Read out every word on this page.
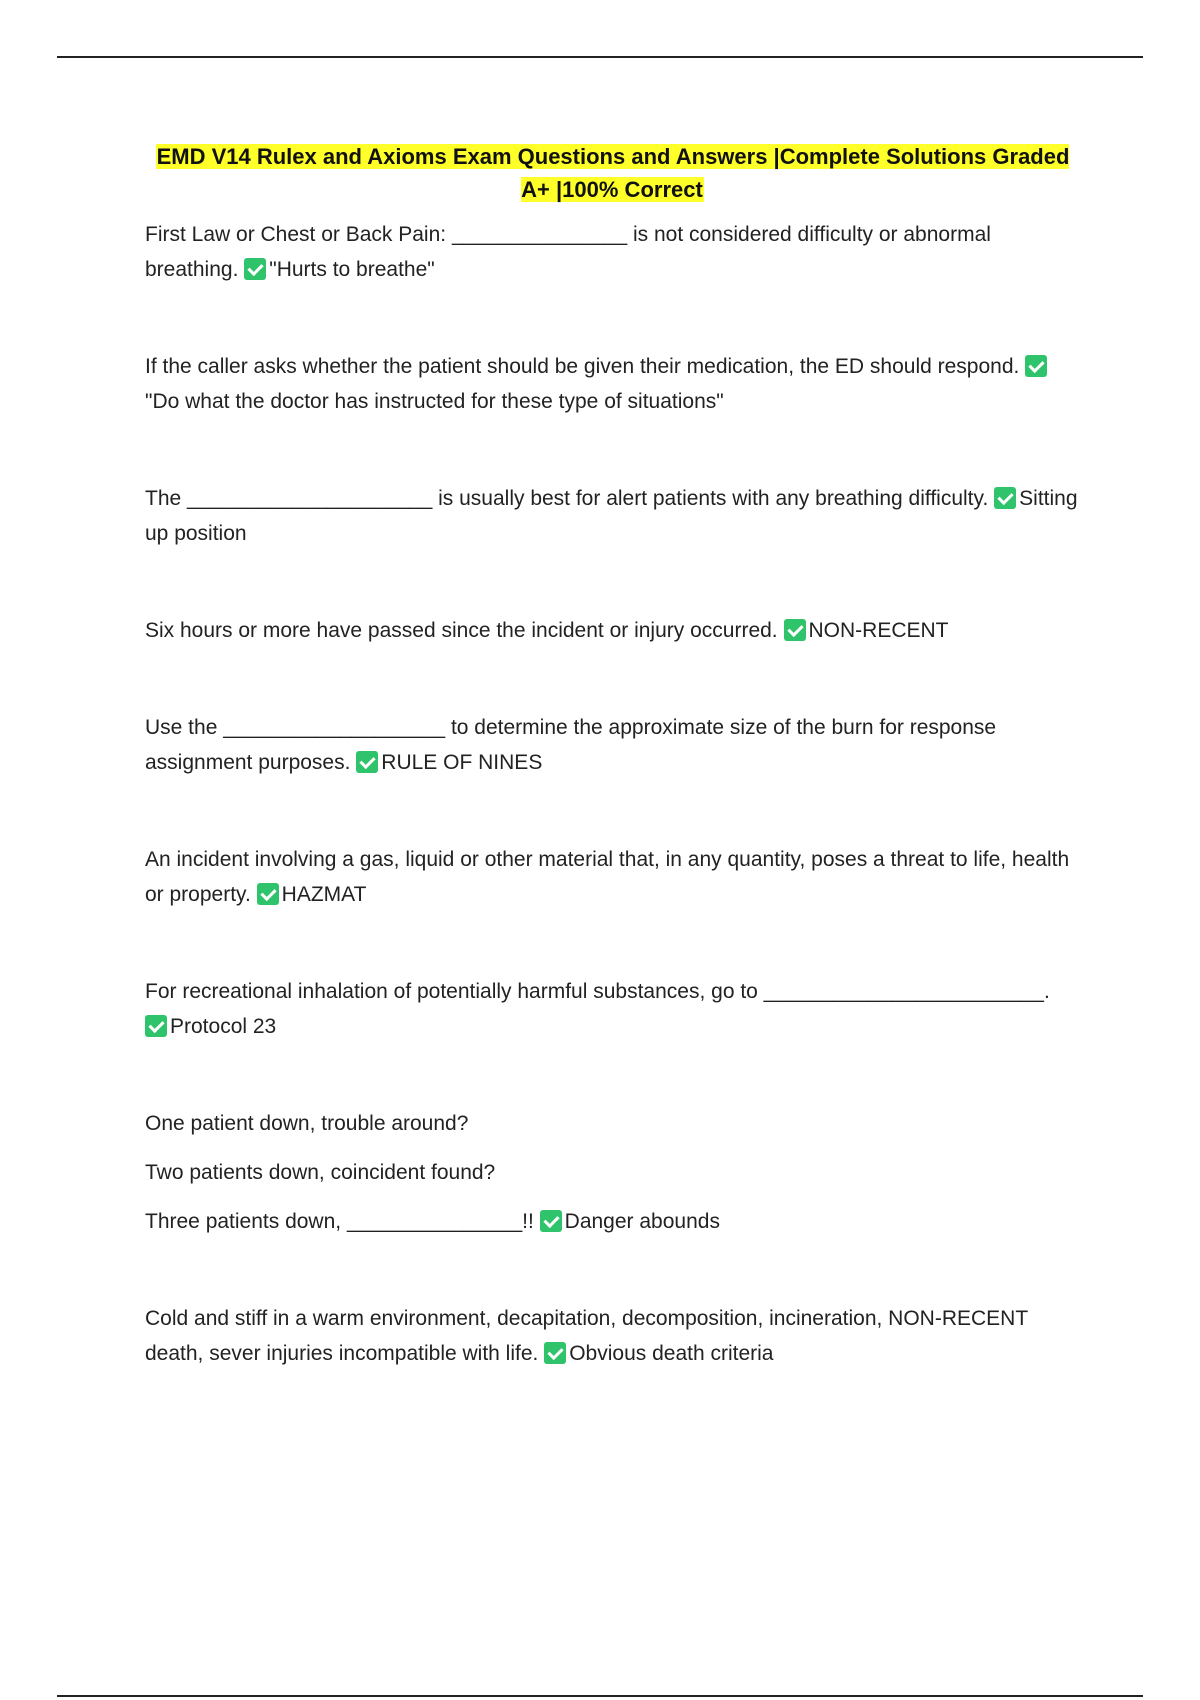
EMD V14 Rulex and Axioms Exam Questions and Answers |Complete Solutions Graded A+ |100% Correct

First Law or Chest or Back Pain: _______________ is not considered difficulty or abnormal breathing. "Hurts to breathe"

If the caller asks whether the patient should be given their medication, the ED should respond. "Do what the doctor has instructed for these type of situations"

The _____________________ is usually best for alert patients with any breathing difficulty. Sitting up position

Six hours or more have passed since the incident or injury occurred. NON-RECENT

Use the ___________________ to determine the approximate size of the burn for response assignment purposes. RULE OF NINES

An incident involving a gas, liquid or other material that, in any quantity, poses a threat to life, health or property. HAZMAT

For recreational inhalation of potentially harmful substances, go to ________________________. Protocol 23

One patient down, trouble around?

Two patients down, coincident found?

Three patients down, _______________!! Danger abounds

Cold and stiff in a warm environment, decapitation, decomposition, incineration, NON-RECENT death, sever injuries incompatible with life. Obvious death criteria
